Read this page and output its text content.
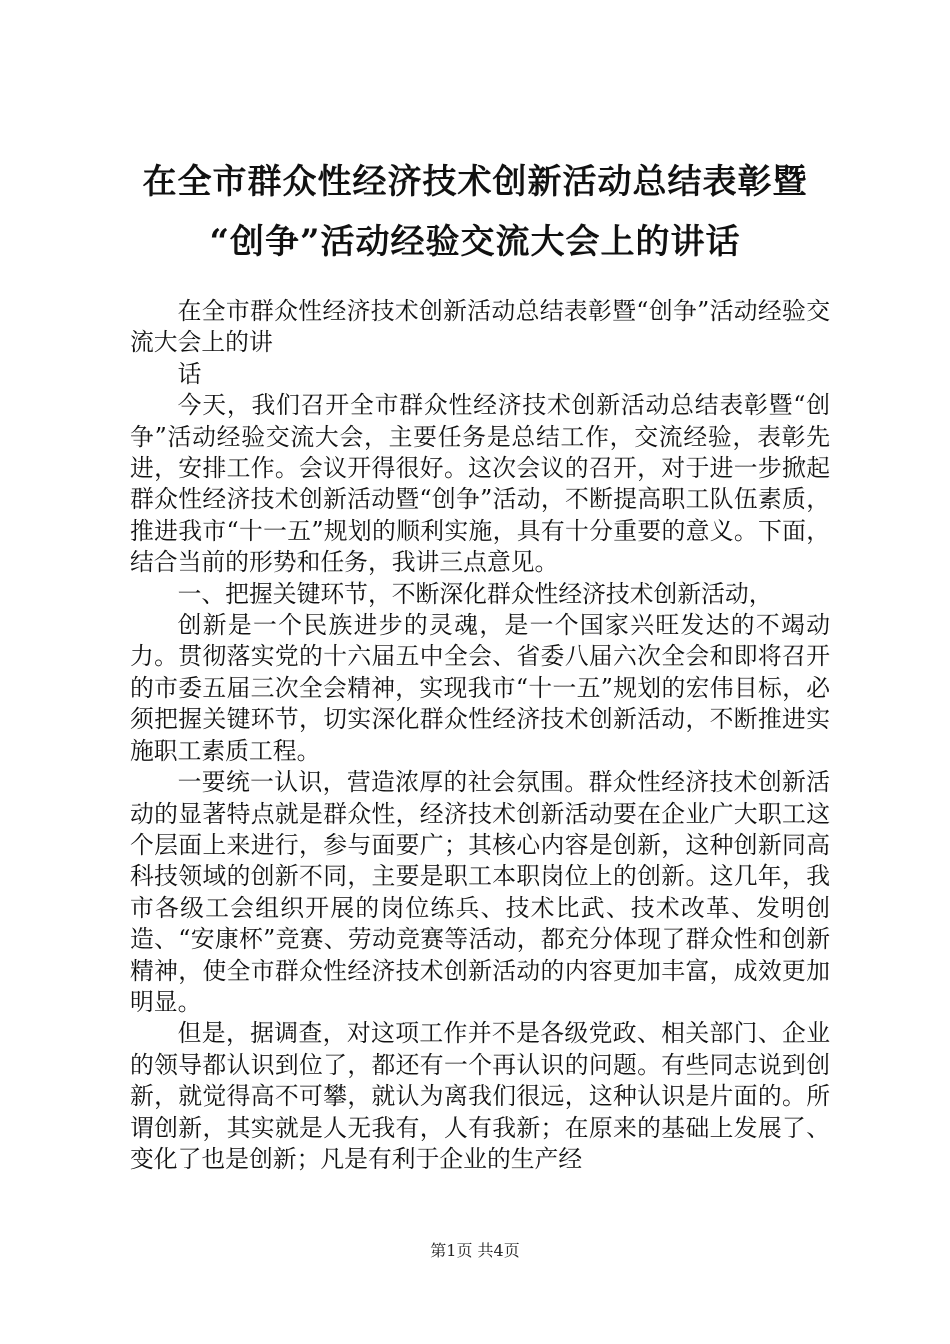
在全市群众性经济技术创新活动总结表彰暨
“创争”活动经验交流大会上的讲话

在全市群众性经济技术创新活动总结表彰暨“创争”活动经验交流大会上的讲

话

今天，我们召开全市群众性经济技术创新活动总结表彰暨“创争”活动经验交流大会，主要任务是总结工作，交流经验，表彰先进，安排工作。会议开得很好。这次会议的召开，对于进一步掀起群众性经济技术创新活动暨“创争”活动，不断提高职工队伍素质，推进我市“十一五”规划的顺利实施，具有十分重要的意义。下面，结合当前的形势和任务，我讲三点意见。

一、把握关键环节，不断深化群众性经济技术创新活动，

创新是一个民族进步的灵魂，是一个国家兴旺发达的不竭动力。贯彻落实党的十六届五中全会、省委八届六次全会和即将召开的市委五届三次全会精神，实现我市“十一五”规划的宏伟目标，必须把握关键环节，切实深化群众性经济技术创新活动，不断推进实施职工素质工程。

一要统一认识，营造浓厚的社会氛围。群众性经济技术创新活动的显著特点就是群众性，经济技术创新活动要在企业广大职工这个层面上来进行，参与面要广；其核心内容是创新，这种创新同高科技领域的创新不同，主要是职工本职岗位上的创新。这几年，我市各级工会组织开展的岗位练兵、技术比武、技术改革、发明创造、“安康杯”竞赛、劳动竞赛等活动，都充分体现了群众性和创新精神，使全市群众性经济技术创新活动的内容更加丰富，成效更加明显。

但是，据调查，对这项工作并不是各级党政、相关部门、企业的领导都认识到位了，都还有一个再认识的问题。有些同志说到创新，就觉得高不可攀，就认为离我们很远，这种认识是片面的。所谓创新，其实就是人无我有，人有我新；在原来的基础上发展了、变化了也是创新；凡是有利于企业的生产经

第1页 共4页
